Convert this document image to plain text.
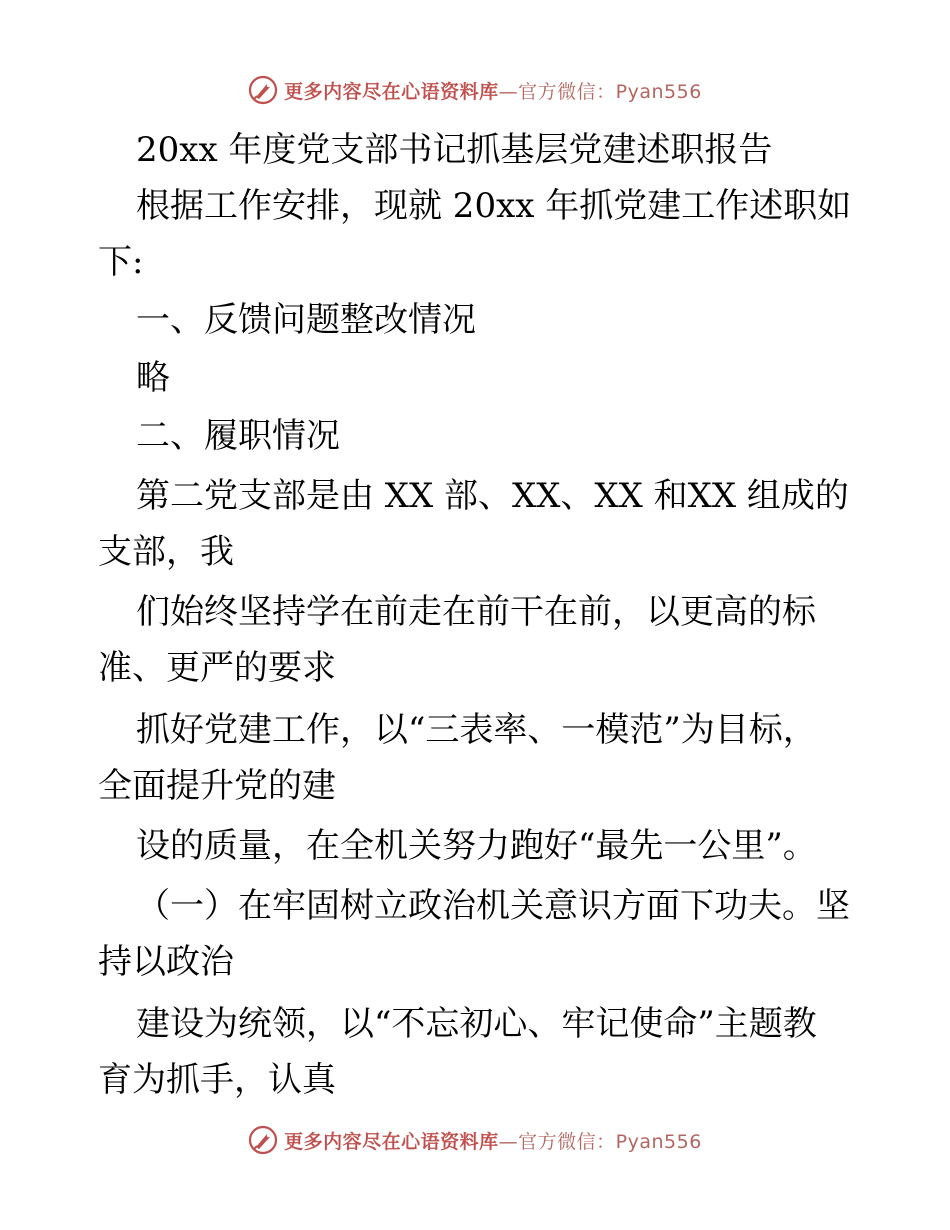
更多内容尽在心语资料库—官方微信：Pyan556
20xx 年度党支部书记抓基层党建述职报告
根据工作安排，现就 20xx 年抓党建工作述职如
下:
一、反馈问题整改情况
略
二、履职情况
第二党支部是由 XX 部、XX、XX 和XX 组成的
支部，我
们始终坚持学在前走在前干在前，以更高的标
准、更严的要求
抓好党建工作，以“三表率、一模范”为目标，
全面提升党的建
设的质量，在全机关努力跑好“最先一公里”。
（一）在牢固树立政治机关意识方面下功夫。坚
持以政治
建设为统领，以“不忘初心、牢记使命”主题教
育为抓手，认真
更多内容尽在心语资料库—官方微信：Pyan556
